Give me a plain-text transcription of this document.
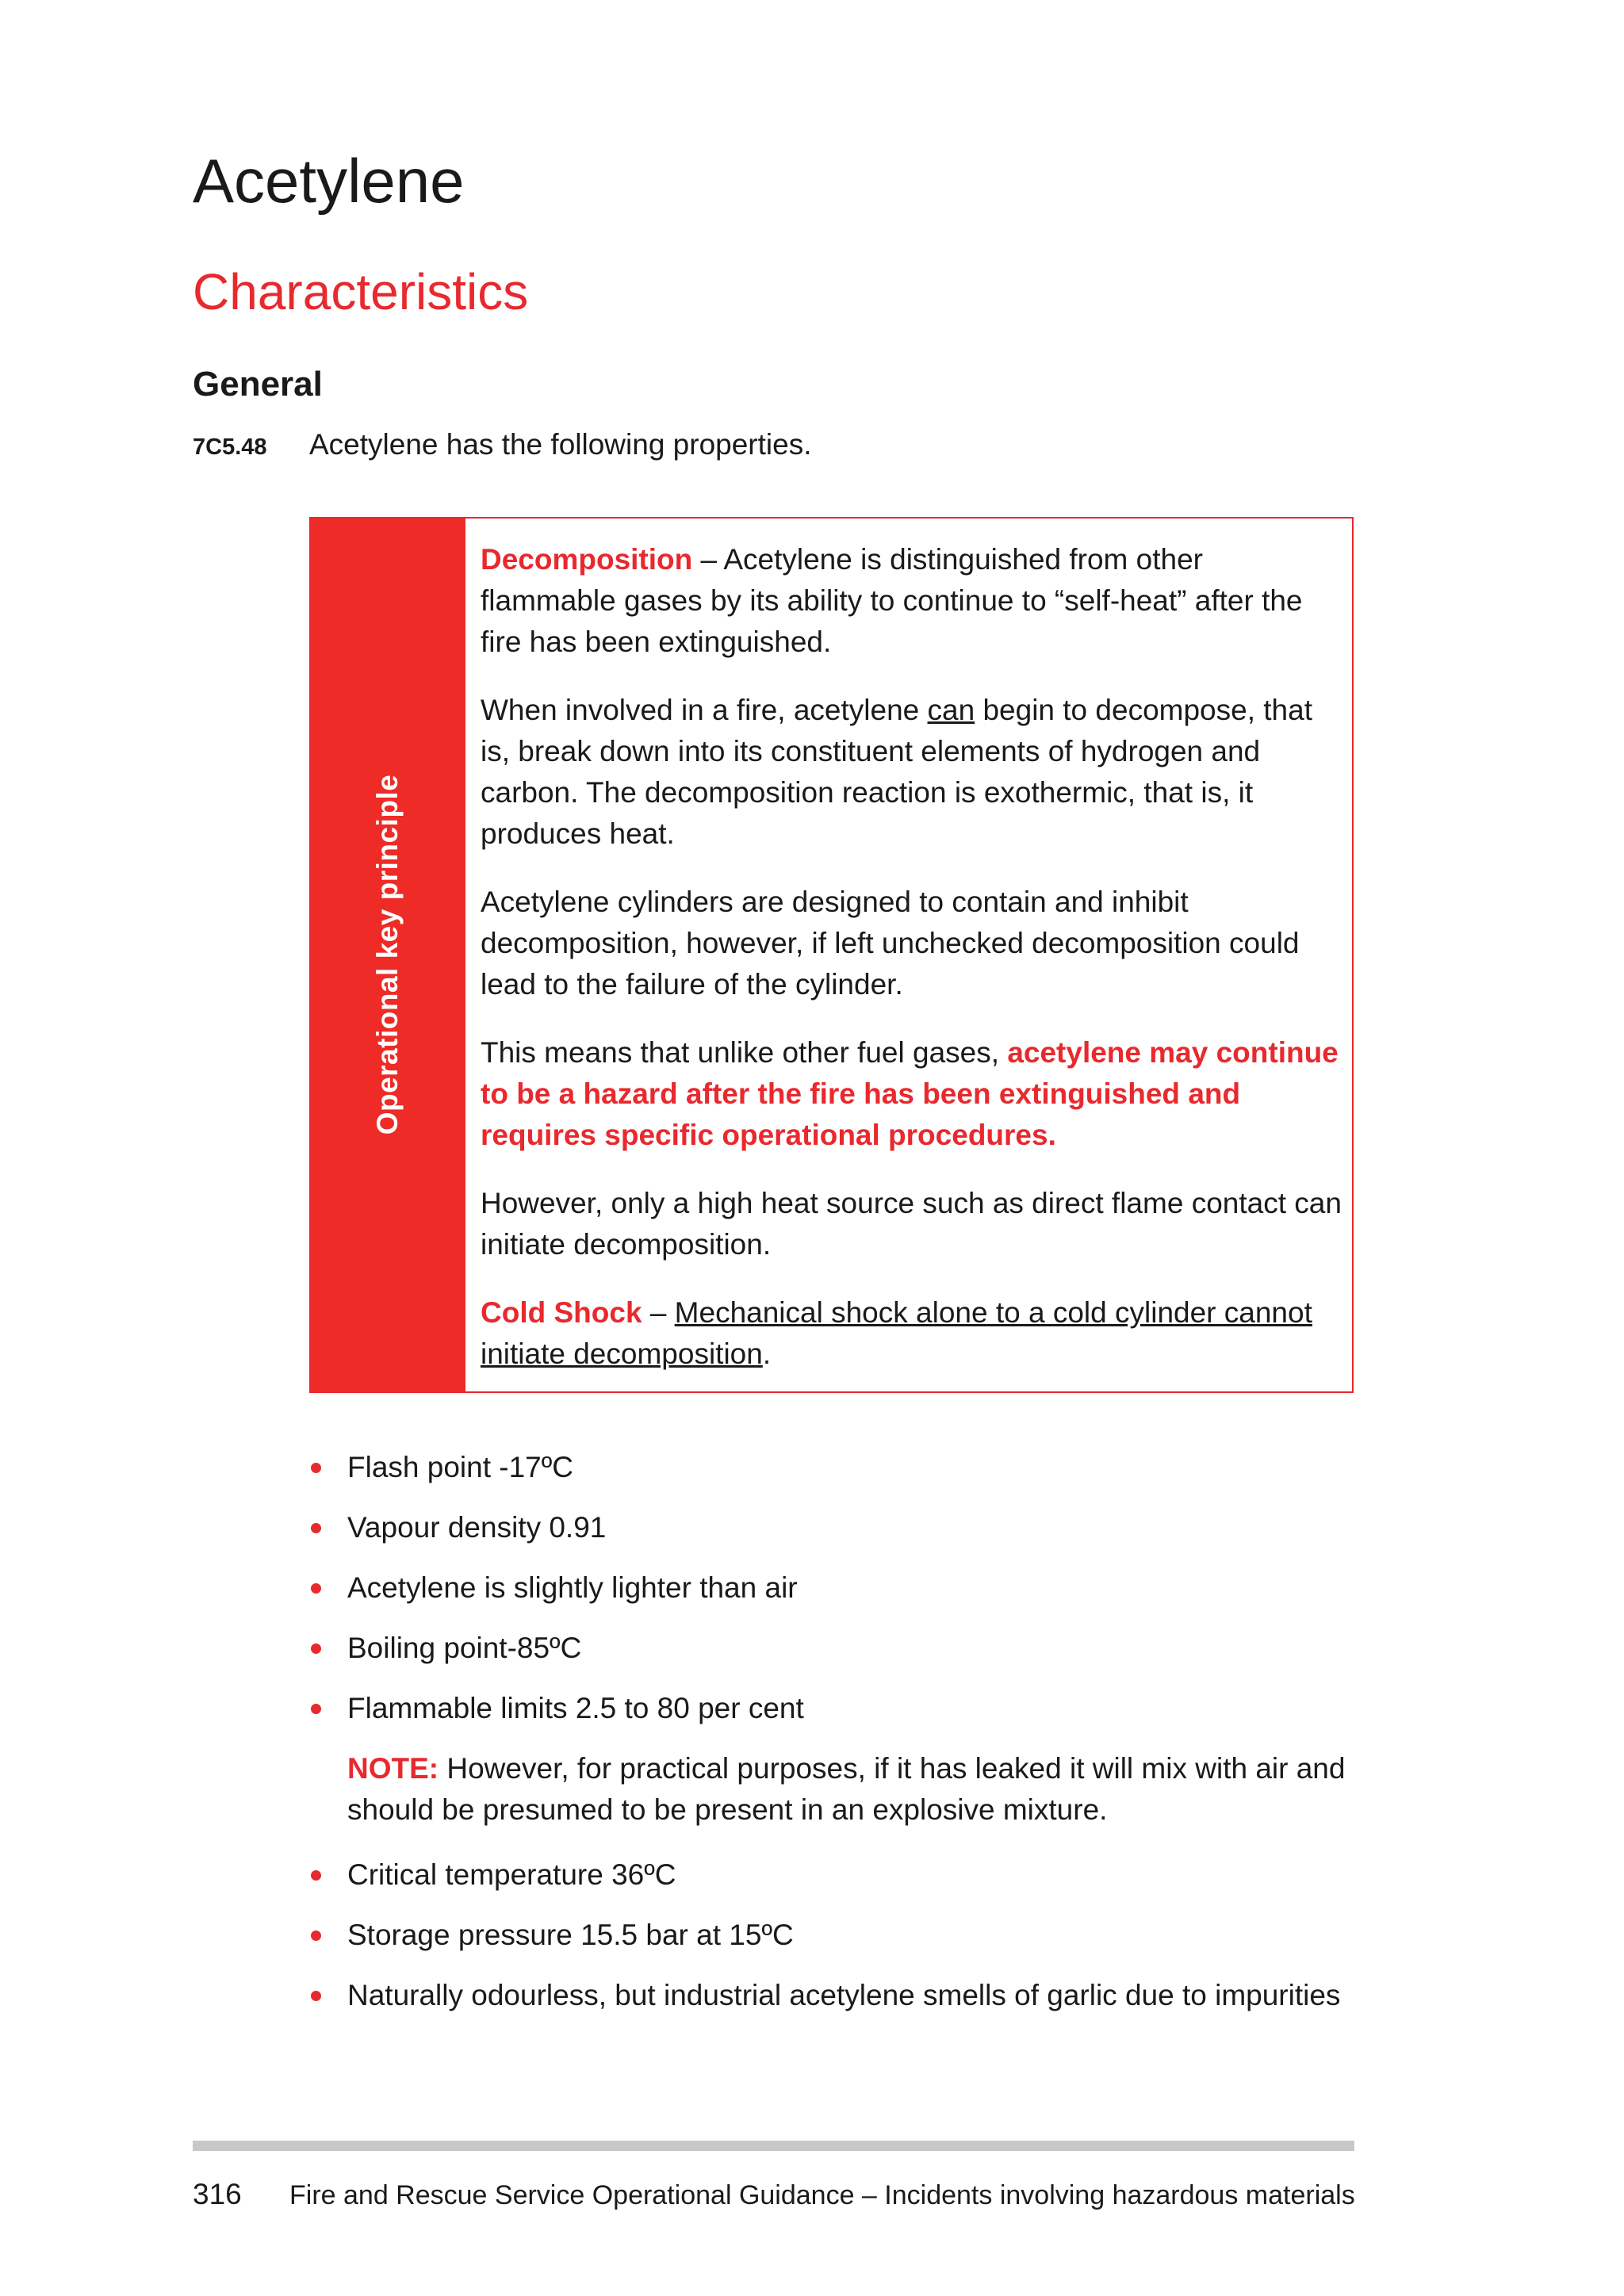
Acetylene
Characteristics
General
7C5.48 Acetylene has the following properties.
Operational key principle

Decomposition – Acetylene is distinguished from other flammable gases by its ability to continue to “self-heat” after the fire has been extinguished.

When involved in a fire, acetylene can begin to decompose, that is, break down into its constituent elements of hydrogen and carbon. The decomposition reaction is exothermic, that is, it produces heat.

Acetylene cylinders are designed to contain and inhibit decomposition, however, if left unchecked decomposition could lead to the failure of the cylinder.

This means that unlike other fuel gases, acetylene may continue to be a hazard after the fire has been extinguished and requires specific operational procedures.

However, only a high heat source such as direct flame contact can initiate decomposition.

Cold Shock – Mechanical shock alone to a cold cylinder cannot initiate decomposition.

Flash point -17ºC
Vapour density 0.91
Acetylene is slightly lighter than air
Boiling point-85ºC
Flammable limits 2.5 to 80 per cent
NOTE: However, for practical purposes, if it has leaked it will mix with air and should be presumed to be present in an explosive mixture.
Critical temperature 36ºC
Storage pressure 15.5 bar at 15ºC
Naturally odourless, but industrial acetylene smells of garlic due to impurities
316 Fire and Rescue Service Operational Guidance – Incidents involving hazardous materials
